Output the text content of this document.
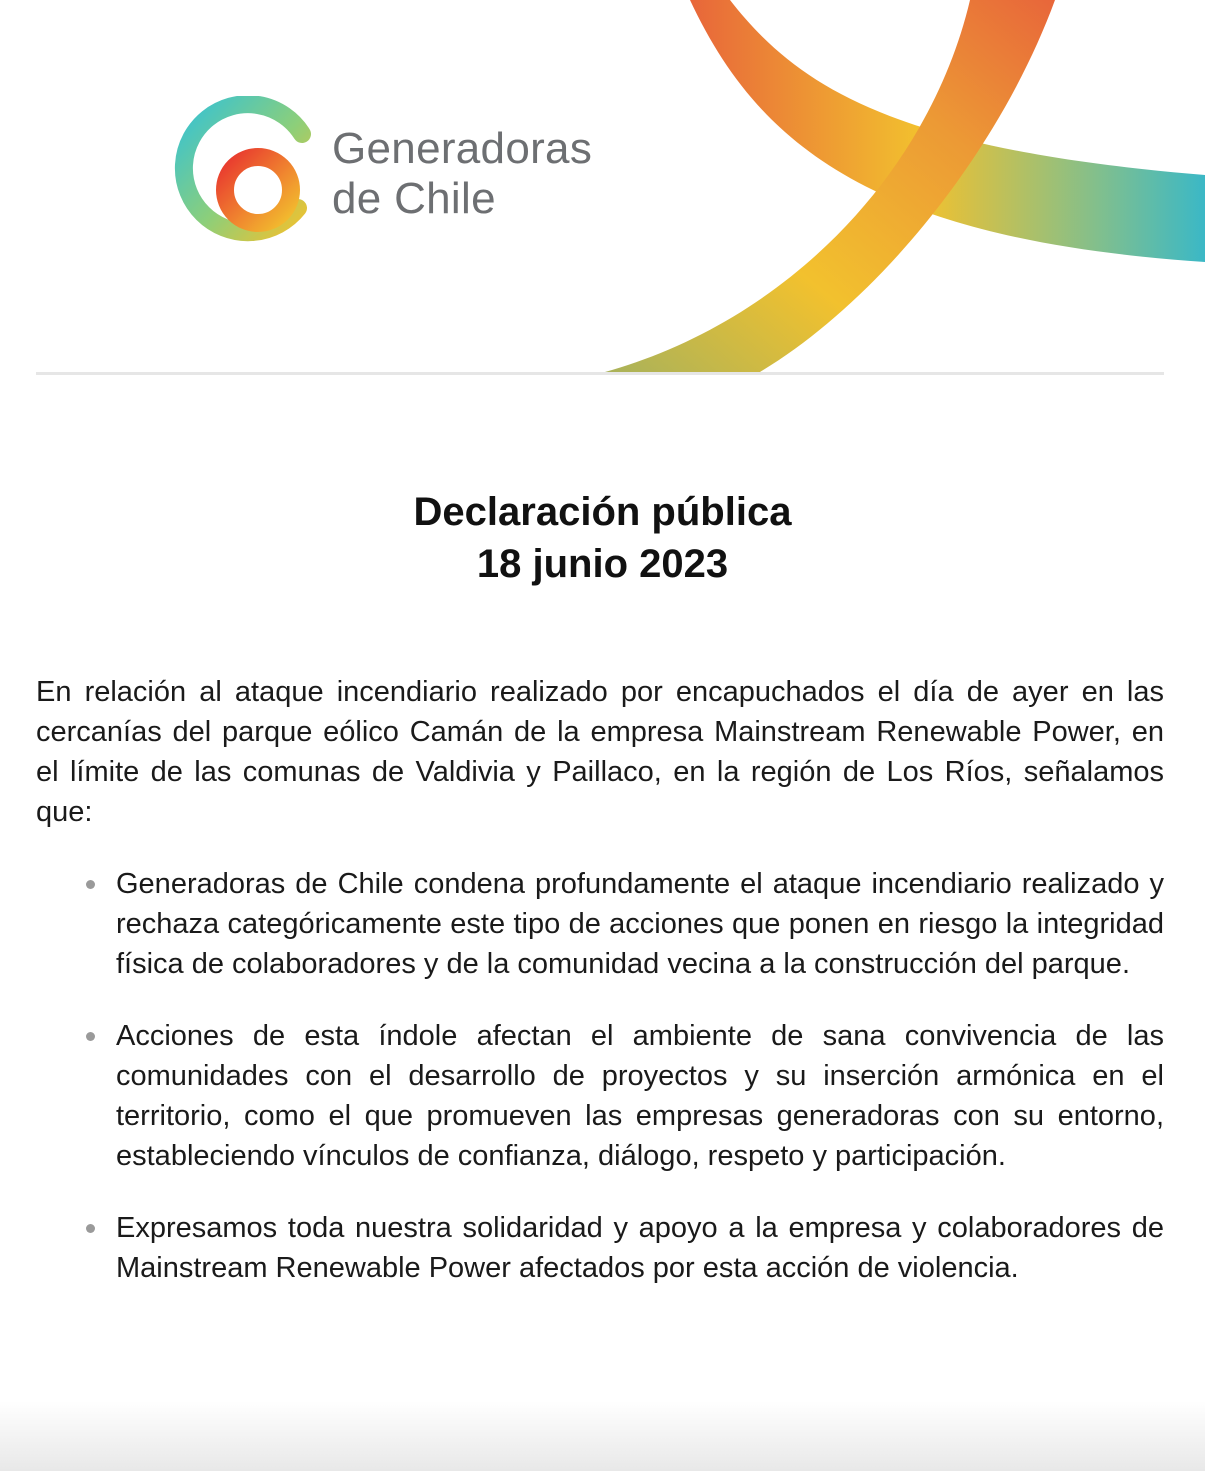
Generadoras
de Chile
Declaración pública
18 junio 2023

En relación al ataque incendiario realizado por encapuchados el día de ayer en las cercanías del parque eólico Camán de la empresa Mainstream Renewable Power, en el límite de las comunas de Valdivia y Paillaco, en la región de Los Ríos, señalamos que:

Generadoras de Chile condena profundamente el ataque incendiario realizado y rechaza categóricamente este tipo de acciones que ponen en riesgo la integridad física de colaboradores y de la comunidad vecina a la construcción del parque.
Acciones de esta índole afectan el ambiente de sana convivencia de las comunidades con el desarrollo de proyectos y su inserción armónica en el territorio, como el que promueven las empresas generadoras con su entorno, estableciendo vínculos de confianza, diálogo, respeto y participación.
Expresamos toda nuestra solidaridad y apoyo a la empresa y colaboradores de Mainstream Renewable Power afectados por esta acción de violencia.
